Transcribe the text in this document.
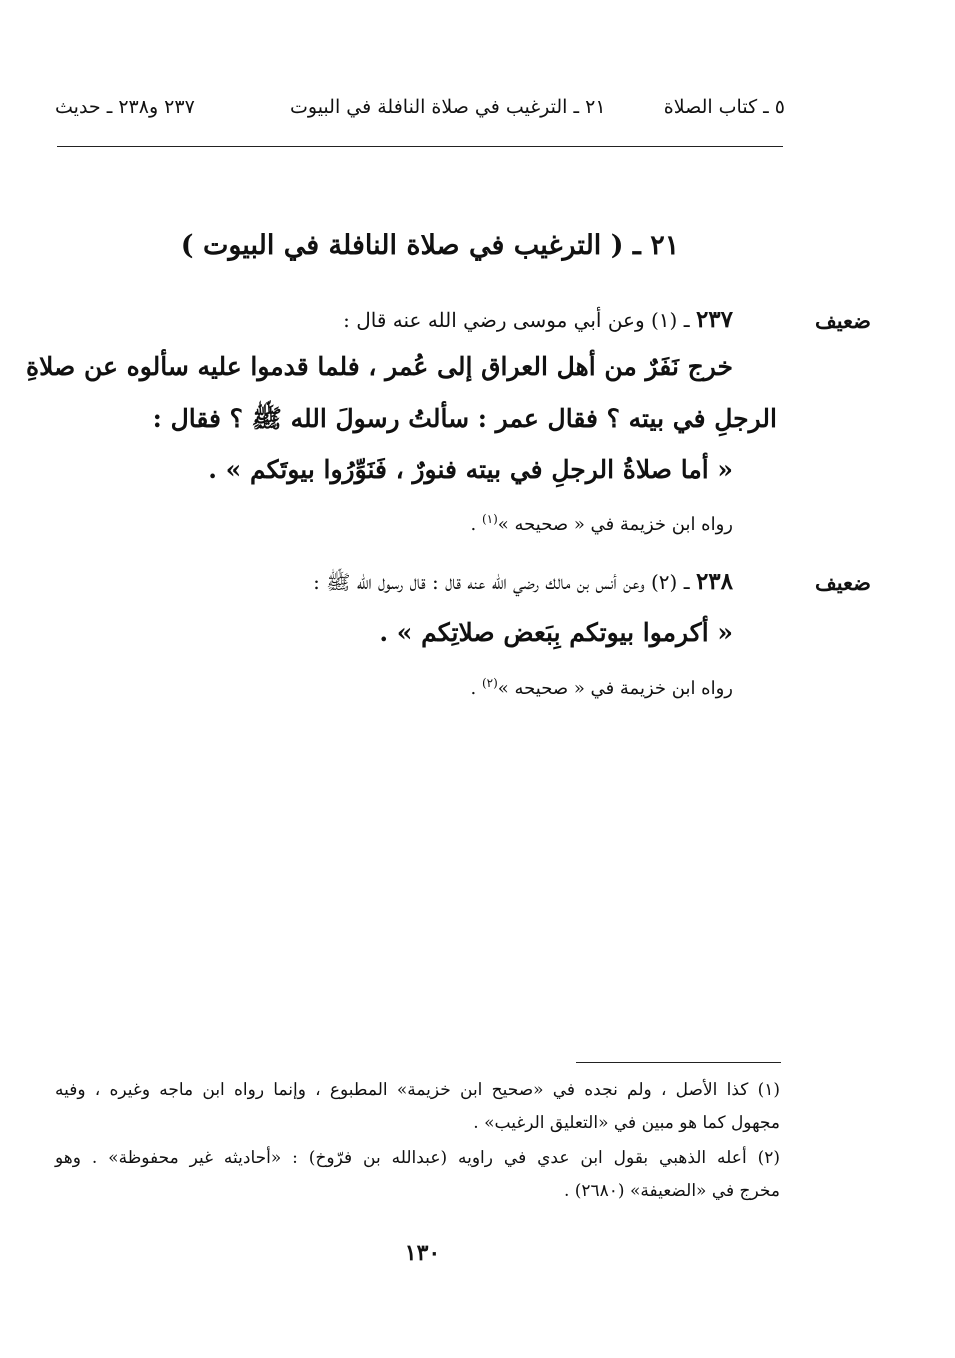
٥ ـ كتاب الصلاة
٢١ ـ الترغيب في صلاة النافلة في البيوت
٢٣٧ و٢٣٨ ـ حديث
٢١ ـ ( الترغيب في صلاة النافلة في البيوت )
ضعيف
٢٣٧ ـ (١) وعن أبي موسى رضي الله عنه قال :
خرج نَفَرٌ من أهل العراق إلى عُمر ، فلما قدموا عليه سألوه عن صلاةِ
الرجلِ في بيته ؟ فقال عمر : سألتُ رسولَ الله ﷺ ؟ فقال :
« أما صلاةُ الرجلِ في بيته فنورٌ ، فَنَوِّرُوا بيوتَكم » .
رواه ابن خزيمة في « صحيحه »$^{(١)}$ .
ضعيف
٢٣٨ ـ (٢) وعن أنس بن مالك رضي الله عنه قال : قال رسول الله ﷺ :
« أكرموا بيوتكم بِبَعض صلاتِكم » .
رواه ابن خزيمة في « صحيحه »$^{(٢)}$ .
(١) كذا الأصل ، ولم نجده في «صحيح ابن خزيمة» المطبوع ، وإنما رواه ابن ماجه وغيره ، وفيه
مجهول كما هو مبين في «التعليق الرغيب» .
(٢) أعله الذهبي بقول ابن عدي في راويه (عبدالله بن فرّوخ) : «أحاديثه غير محفوظة» . وهو
مخرج في «الضعيفة» (٢٦٨٠) .
١٣٠
